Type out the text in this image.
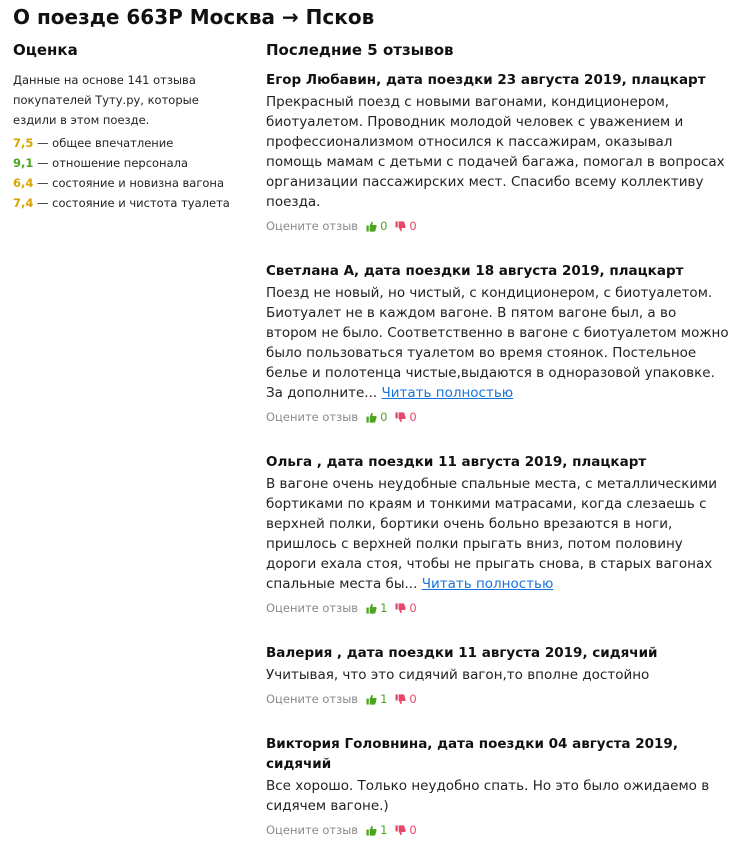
О поезде 663Р Москва → Псков
Оценка
Данные на основе 141 отзыва покупателей Туту.ру, которые ездили в этом поезде.
7,5 — общее впечатление
9,1 — отношение персонала
6,4 — состояние и новизна вагона
7,4 — состояние и чистота туалета
Последние 5 отзывов
Егор Любавин, дата поездки 23 августа 2019, плацкарт
Прекрасный поезд с новыми вагонами, кондиционером, биотуалетом. Проводник молодой человек с уважением и профессионализмом относился к пассажирам, оказывал помощь мамам с детьми с подачей багажа, помогал в вопросах организации пассажирских мест. Спасибо всему коллективу поезда.
Оцените отзыв 0 0
Светлана А, дата поездки 18 августа 2019, плацкарт
Поезд не новый, но чистый, с кондиционером, с биотуалетом. Биотуалет не в каждом вагоне. В пятом вагоне был, а во втором не было. Соответственно в вагоне с биотуалетом можно было пользоваться туалетом во время стоянок. Постельное белье и полотенца чистые,выдаются в одноразовой упаковке. За дополните... Читать полностью
Оцените отзыв 0 0
Ольга , дата поездки 11 августа 2019, плацкарт
В вагоне очень неудобные спальные места, с металлическими бортиками по краям и тонкими матрасами, когда слезаешь с верхней полки, бортики очень больно врезаются в ноги, пришлось с верхней полки прыгать вниз, потом половину дороги ехала стоя, чтобы не прыгать снова, в старых вагонах спальные места бы... Читать полностью
Оцените отзыв 1 0
Валерия , дата поездки 11 августа 2019, сидячий
Учитывая, что это сидячий вагон,то вполне достойно
Оцените отзыв 1 0
Виктория Головнина, дата поездки 04 августа 2019, сидячий
Все хорошо. Только неудобно спать. Но это было ожидаемо в сидячем вагоне.)
Оцените отзыв 1 0
